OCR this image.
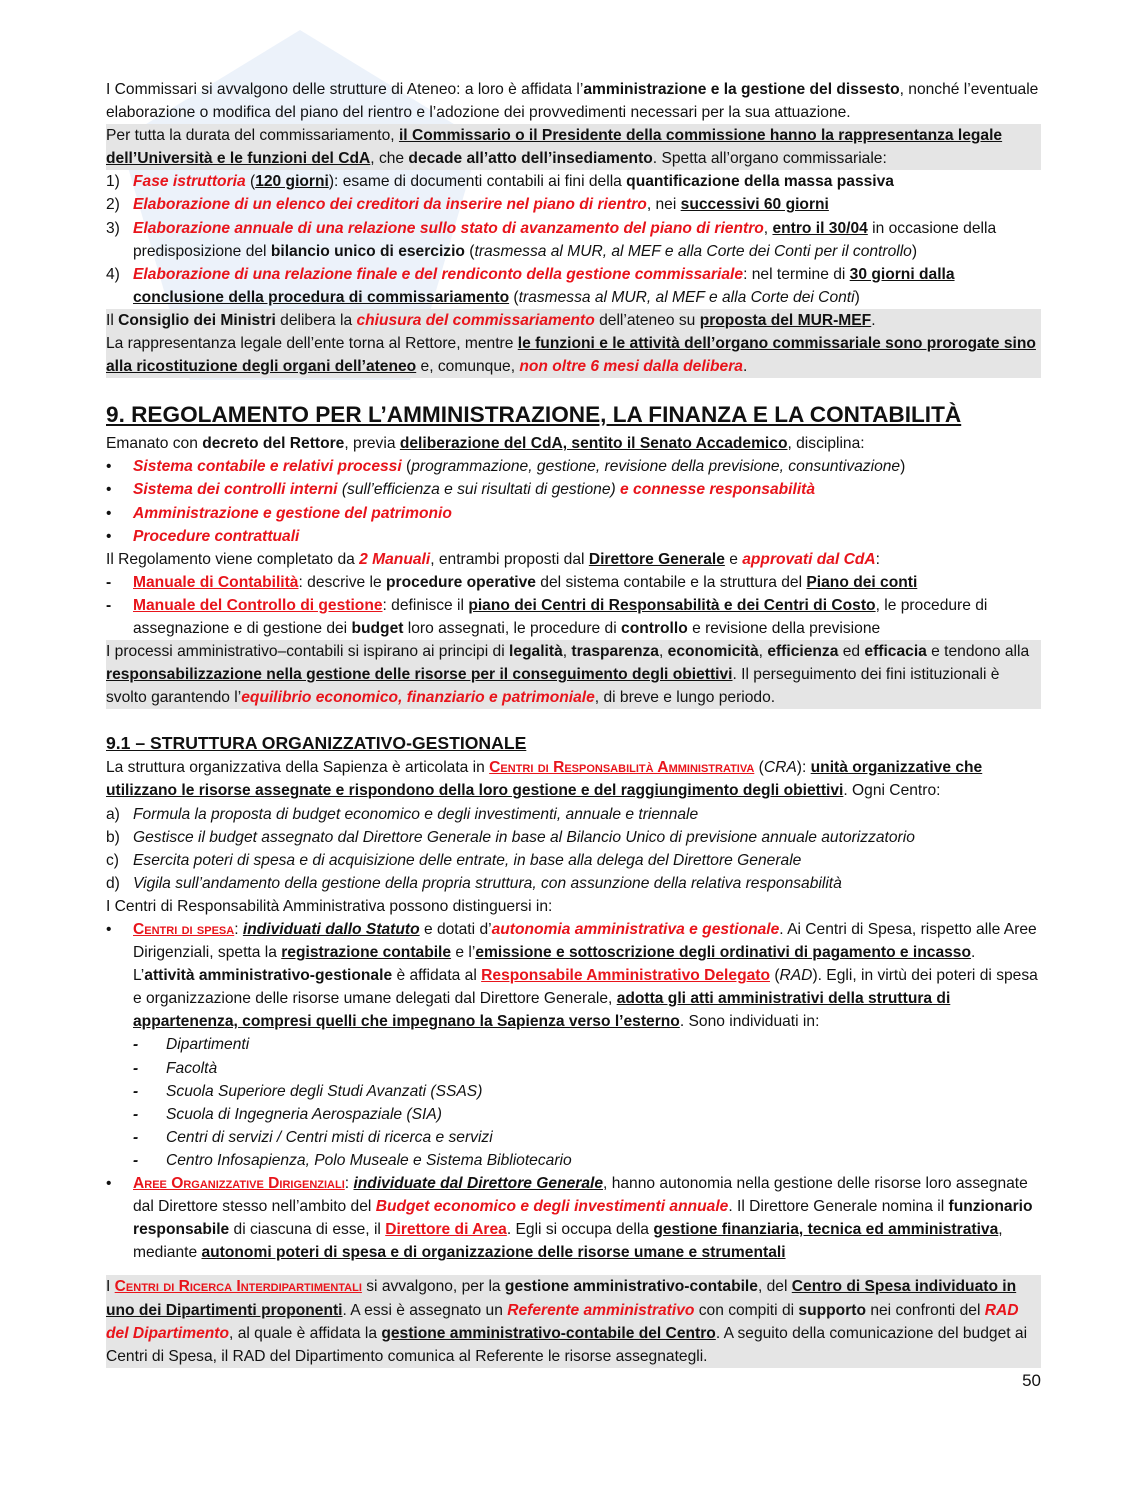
I Commissari si avvalgono delle strutture di Ateneo: a loro è affidata l’amministrazione e la gestione del dissesto, nonché l’eventuale elaborazione o modifica del piano del rientro e l’adozione dei provvedimenti necessari per la sua attuazione.

Per tutta la durata del commissariamento, il Commissario o il Presidente della commissione hanno la rappresentanza legale dell’Università e le funzioni del CdA, che decade all’atto dell’insediamento. Spetta all’organo commissariale:

1) Fase istruttoria (120 giorni): esame di documenti contabili ai fini della quantificazione della massa passiva
2) Elaborazione di un elenco dei creditori da inserire nel piano di rientro, nei successivi 60 giorni
3) Elaborazione annuale di una relazione sullo stato di avanzamento del piano di rientro, entro il 30/04 in occasione della predisposizione del bilancio unico di esercizio (trasmessa al MUR, al MEF e alla Corte dei Conti per il controllo)
4) Elaborazione di una relazione finale e del rendiconto della gestione commissariale: nel termine di 30 giorni dalla conclusione della procedura di commissariamento (trasmessa al MUR, al MEF e alla Corte dei Conti)

Il Consiglio dei Ministri delibera la chiusura del commissariamento dell’ateneo su proposta del MUR-MEF.

La rappresentanza legale dell’ente torna al Rettore, mentre le funzioni e le attività dell’organo commissariale sono prorogate sino alla ricostituzione degli organi dell’ateneo e, comunque, non oltre 6 mesi dalla delibera.

9. REGOLAMENTO PER L’AMMINISTRAZIONE, LA FINANZA E LA CONTABILITÀ

Emanato con decreto del Rettore, previa deliberazione del CdA, sentito il Senato Accademico, disciplina:

• Sistema contabile e relativi processi (programmazione, gestione, revisione della previsione, consuntivazione)
• Sistema dei controlli interni (sull’efficienza e sui risultati di gestione) e connesse responsabilità
• Amministrazione e gestione del patrimonio
• Procedure contrattuali

Il Regolamento viene completato da 2 Manuali, entrambi proposti dal Direttore Generale e approvati dal CdA:

- Manuale di Contabilità: descrive le procedure operative del sistema contabile e la struttura del Piano dei conti
- Manuale del Controllo di gestione: definisce il piano dei Centri di Responsabilità e dei Centri di Costo, le procedure di assegnazione e di gestione dei budget loro assegnati, le procedure di controllo e revisione della previsione

I processi amministrativo–contabili si ispirano ai principi di legalità, trasparenza, economicità, efficienza ed efficacia e tendono alla responsabilizzazione nella gestione delle risorse per il conseguimento degli obiettivi. Il perseguimento dei fini istituzionali è svolto garantendo l’equilibrio economico, finanziario e patrimoniale, di breve e lungo periodo.

9.1 – STRUTTURA ORGANIZZATIVO-GESTIONALE

La struttura organizzativa della Sapienza è articolata in Centri di Responsabilità Amministrativa (CRA): unità organizzative che utilizzano le risorse assegnate e rispondono della loro gestione e del raggiungimento degli obiettivi. Ogni Centro:

a) Formula la proposta di budget economico e degli investimenti, annuale e triennale
b) Gestisce il budget assegnato dal Direttore Generale in base al Bilancio Unico di previsione annuale autorizzatorio
c) Esercita poteri di spesa e di acquisizione delle entrate, in base alla delega del Direttore Generale
d) Vigila sull’andamento della gestione della propria struttura, con assunzione della relativa responsabilità

I Centri di Responsabilità Amministrativa possono distinguersi in:

• Centri di spesa: individuati dallo Statuto e dotati d’autonomia amministrativa e gestionale. Ai Centri di Spesa, rispetto alle Aree Dirigenziali, spetta la registrazione contabile e l’emissione e sottoscrizione degli ordinativi di pagamento e incasso. L’attività amministrativo-gestionale è affidata al Responsabile Amministrativo Delegato (RAD). Egli, in virtù dei poteri di spesa e organizzazione delle risorse umane delegati dal Direttore Generale, adotta gli atti amministrativi della struttura di appartenenza, compresi quelli che impegnano la Sapienza verso l’esterno. Sono individuati in:
- Dipartimenti
- Facoltà
- Scuola Superiore degli Studi Avanzati (SSAS)
- Scuola di Ingegneria Aerospaziale (SIA)
- Centri di servizi / Centri misti di ricerca e servizi
- Centro Infosapienza, Polo Museale e Sistema Bibliotecario
• Aree Organizzative Dirigenziali: individuate dal Direttore Generale, hanno autonomia nella gestione delle risorse loro assegnate dal Direttore stesso nell’ambito del Budget economico e degli investimenti annuale. Il Direttore Generale nomina il funzionario responsabile di ciascuna di esse, il Direttore di Area. Egli si occupa della gestione finanziaria, tecnica ed amministrativa, mediante autonomi poteri di spesa e di organizzazione delle risorse umane e strumentali

I Centri di Ricerca Interdipartimentali si avvalgono, per la gestione amministrativo-contabile, del Centro di Spesa individuato in uno dei Dipartimenti proponenti. A essi è assegnato un Referente amministrativo con compiti di supporto nei confronti del RAD del Dipartimento, al quale è affidata la gestione amministrativo-contabile del Centro. A seguito della comunicazione del budget ai Centri di Spesa, il RAD del Dipartimento comunica al Referente le risorse assegnategli.

50
